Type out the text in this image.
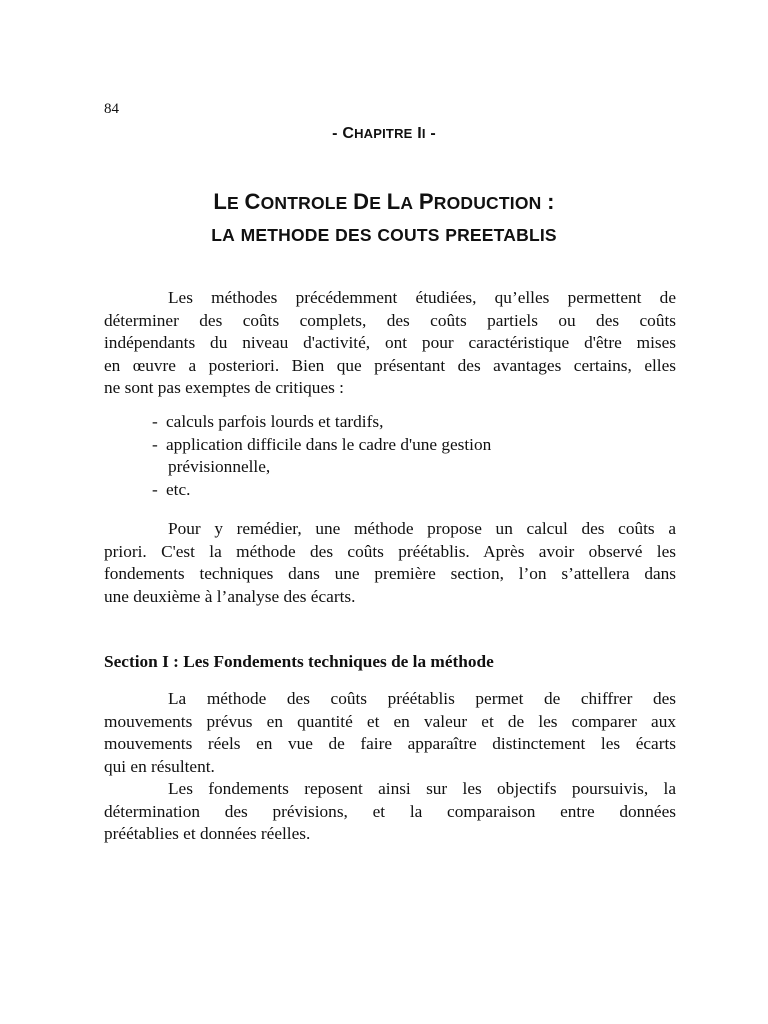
84
- CHAPITRE II -
LE CONTROLE DE LA PRODUCTION :
LA METHODE DES COUTS PREETABLIS
Les méthodes précédemment étudiées, qu’elles permettent de
déterminer des coûts complets, des coûts partiels ou des coûts
indépendants du niveau d'activité, ont pour caractéristique d'être mises
en œuvre a posteriori. Bien que présentant des avantages certains, elles
ne sont pas exemptes de critiques :
- calculs parfois lourds et tardifs,
- application difficile dans le cadre d'une gestion
prévisionnelle,
- etc.
Pour y remédier, une méthode propose un calcul des coûts a
priori. C'est la méthode des coûts préétablis. Après avoir observé les
fondements techniques dans une première section, l’on s’attellera dans
une deuxième à l’analyse des écarts.
Section I : Les Fondements techniques de la méthode
La méthode des coûts préétablis permet de chiffrer des
mouvements prévus en quantité et en valeur et de les comparer aux
mouvements réels en vue de faire apparaître distinctement les écarts
qui en résultent.
Les fondements reposent ainsi sur les objectifs poursuivis, la
détermination des prévisions, et la comparaison entre données
préétablies et données réelles.
